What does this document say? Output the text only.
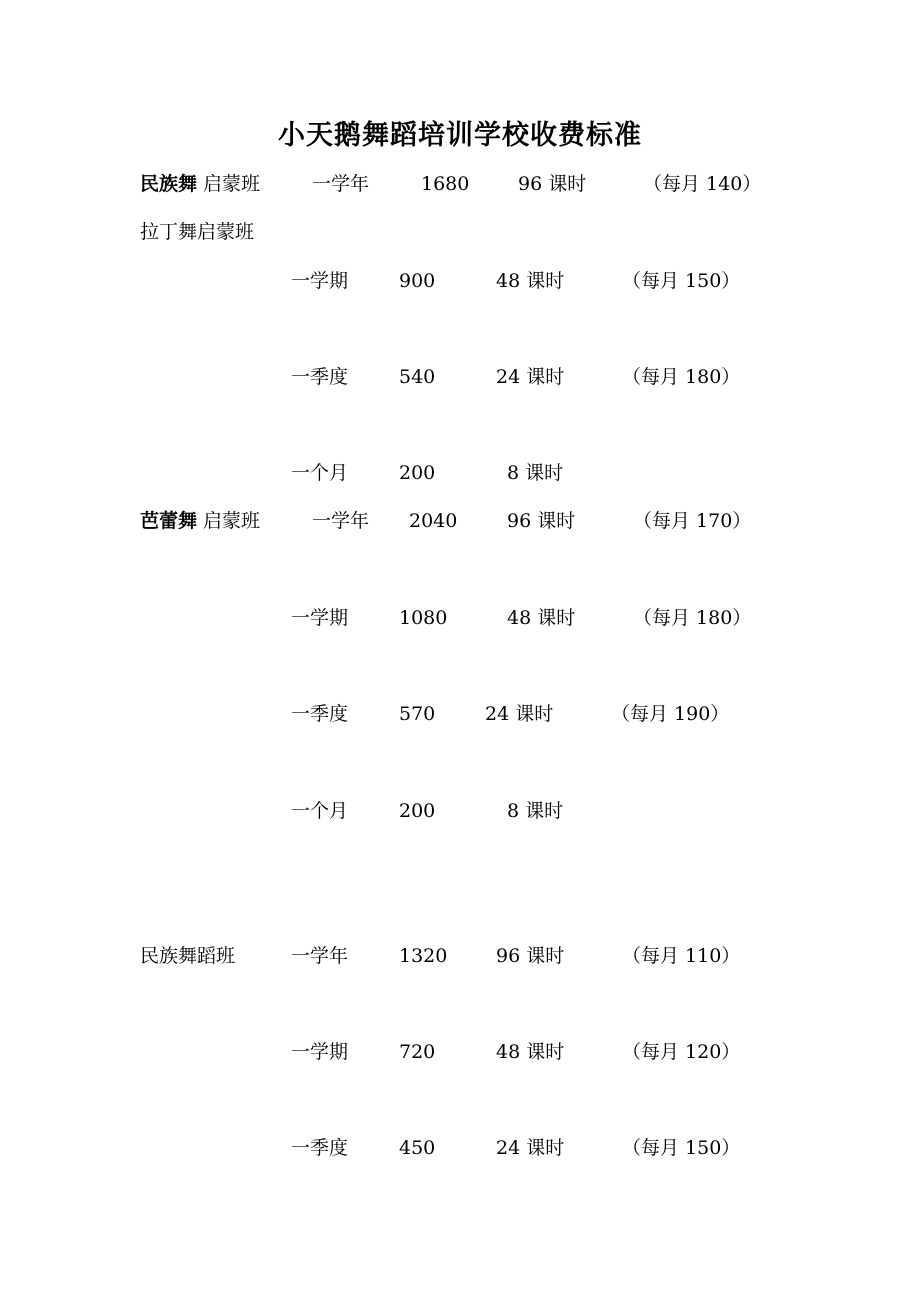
小天鹅舞蹈培训学校收费标准
民族舞 启蒙班	一学年	1680	96 课时	（每月 140）
拉丁舞启蒙班
一学期	900	48 课时	（每月 150）
一季度	540	24 课时	（每月 180）
一个月	200	8 课时
芭蕾舞 启蒙班	一学年 2040	96 课时	（每月 170）
一学期	1080	48 课时	（每月 180）
一季度	570	24 课时	（每月 190）
一个月	200	8 课时
民族舞蹈班	一学年	1320	96 课时	（每月 110）
一学期	720	48 课时	（每月 120）
一季度	450	24 课时	（每月 150）
